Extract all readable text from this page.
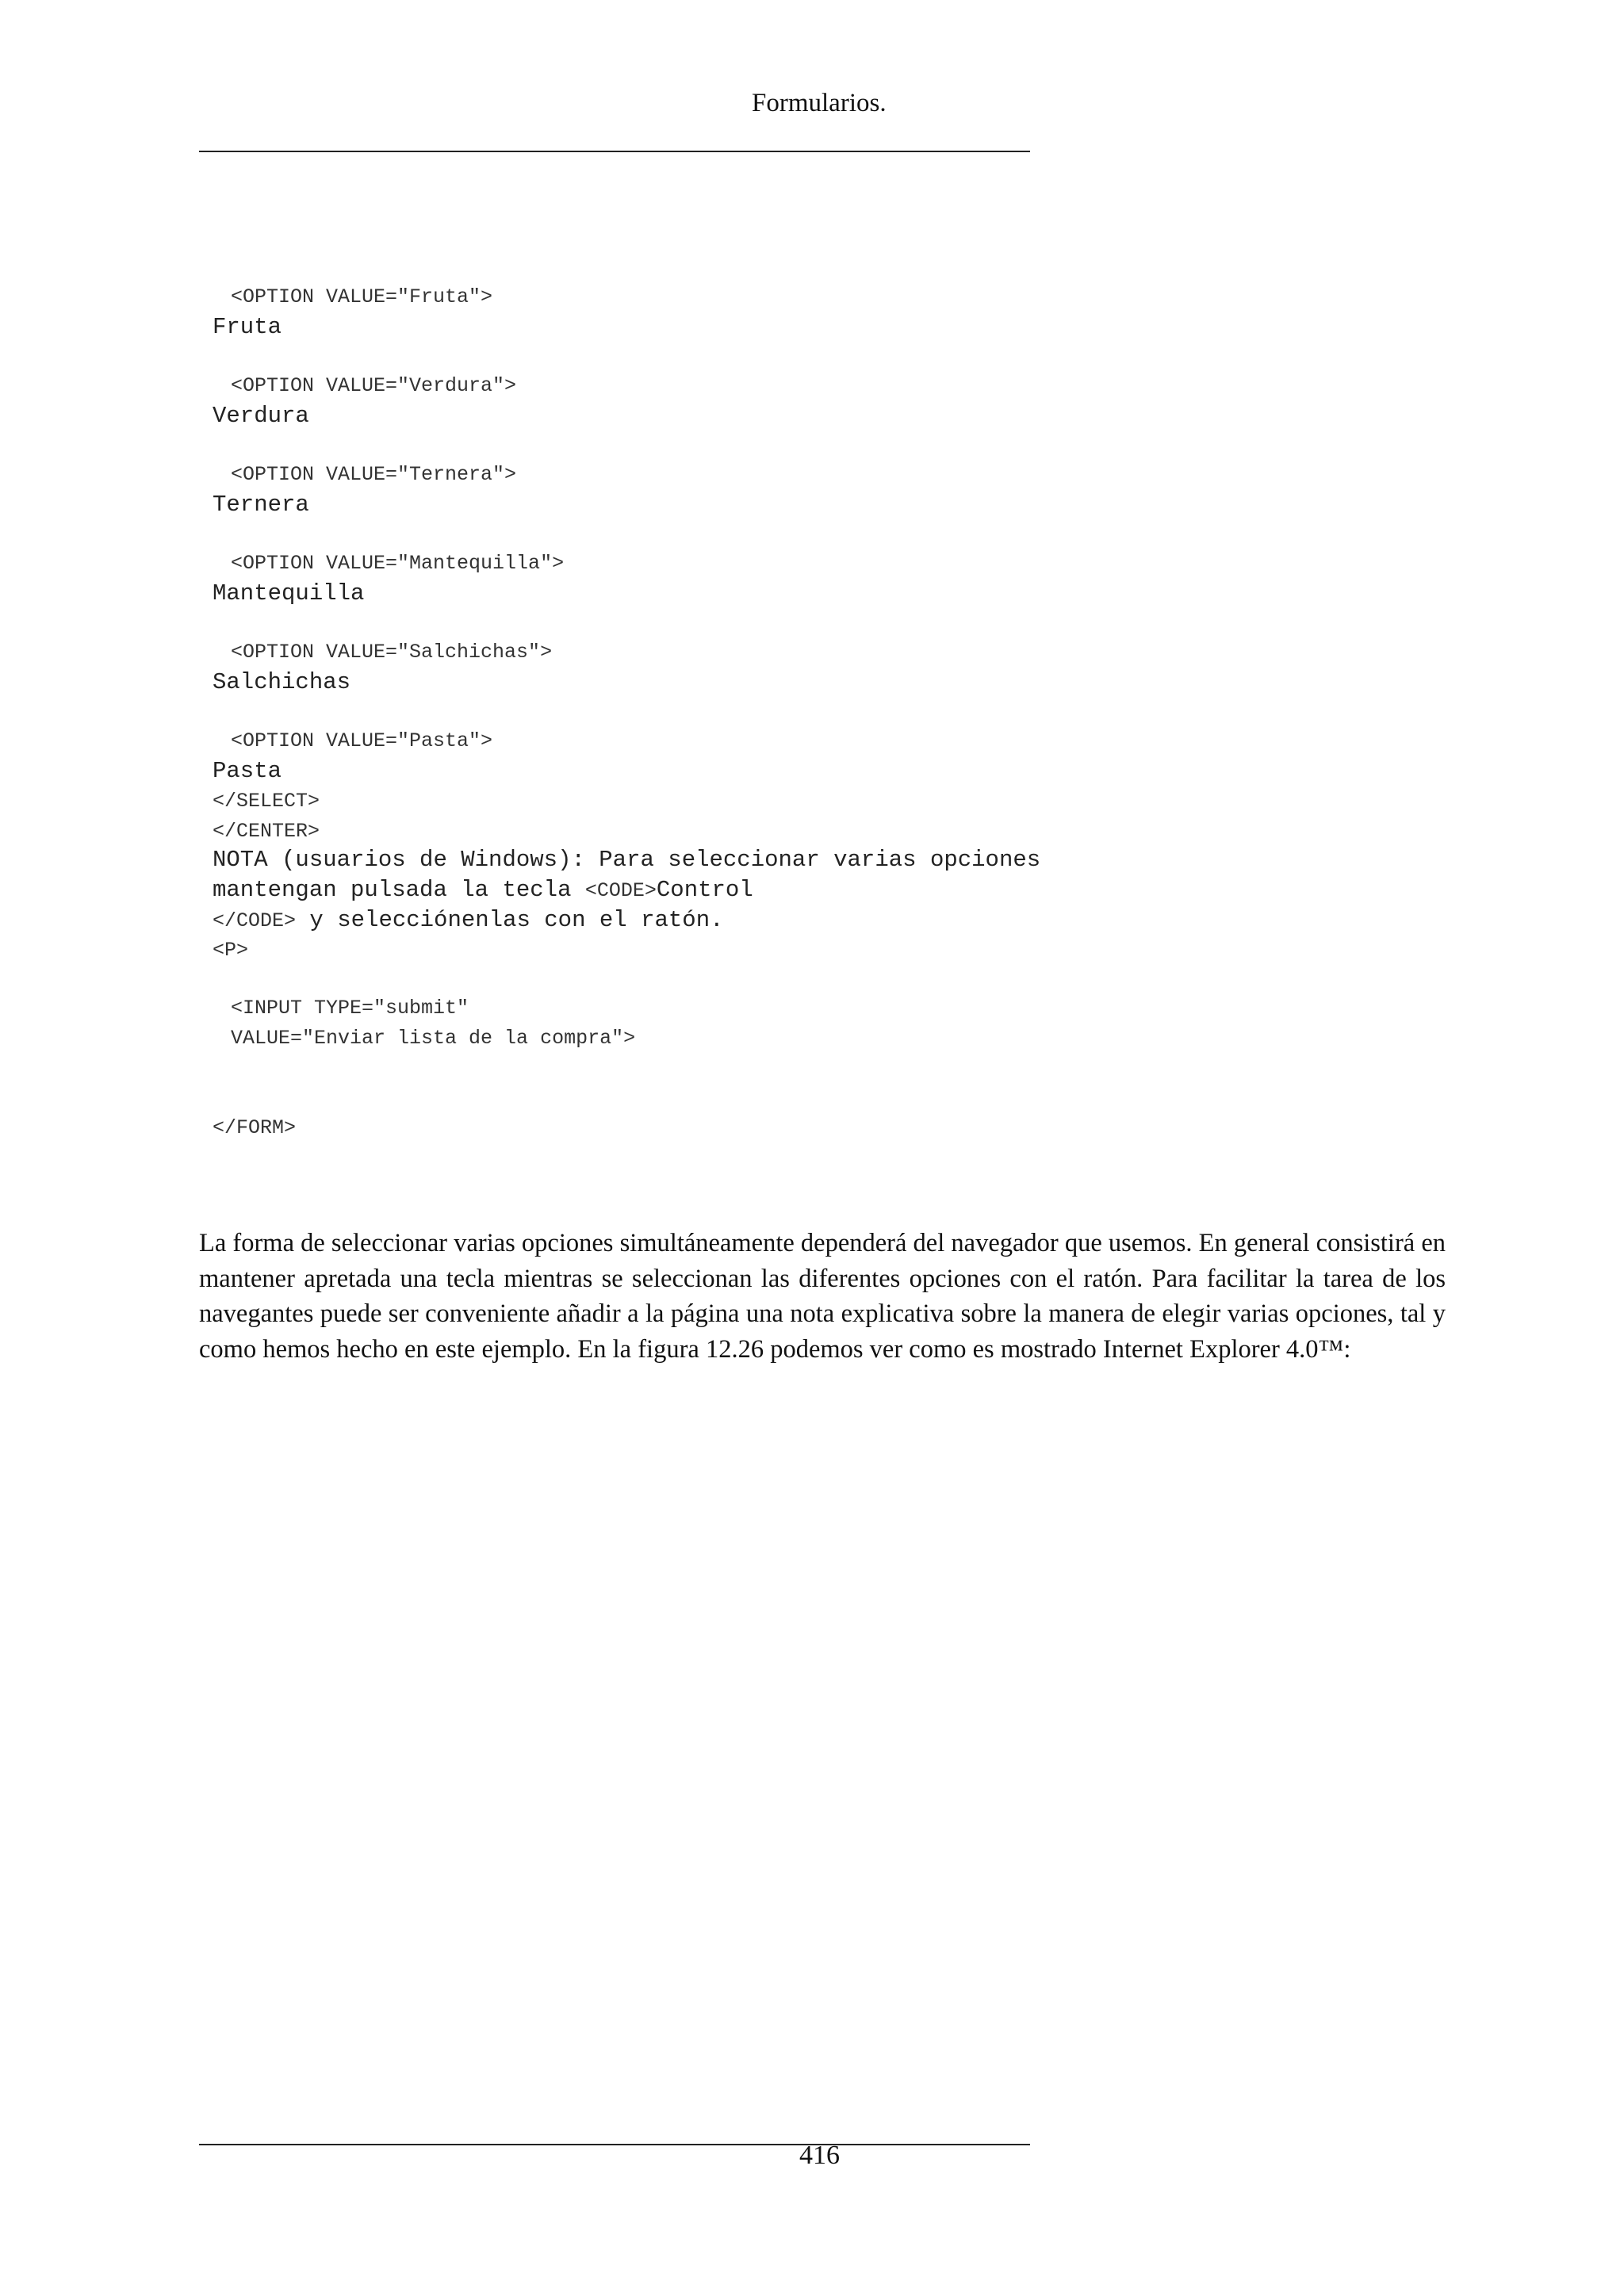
Formularios.
<OPTION VALUE="Fruta">
Fruta
<OPTION VALUE="Verdura">
Verdura
<OPTION VALUE="Ternera">
Ternera
<OPTION VALUE="Mantequilla">
Mantequilla
<OPTION VALUE="Salchichas">
Salchichas
<OPTION VALUE="Pasta">
Pasta
</SELECT>
</CENTER>
NOTA (usuarios de Windows): Para seleccionar varias opciones
mantengan pulsada la tecla <CODE>Control
</CODE> y selecciónenlas con el ratón.
<P>
<INPUT TYPE="submit"
VALUE="Enviar lista de la compra">
</FORM>

La forma de seleccionar varias opciones simultáneamente dependerá del navegador que usemos. En general consistirá en mantener apretada una tecla mientras se seleccionan las diferentes opciones con el ratón. Para facilitar la tarea de los navegantes puede ser conveniente añadir a la página una nota explicativa sobre la manera de elegir varias opciones, tal y como hemos hecho en este ejemplo. En la figura 12.26 podemos ver como es mostrado Internet Explorer 4.0™:

416
